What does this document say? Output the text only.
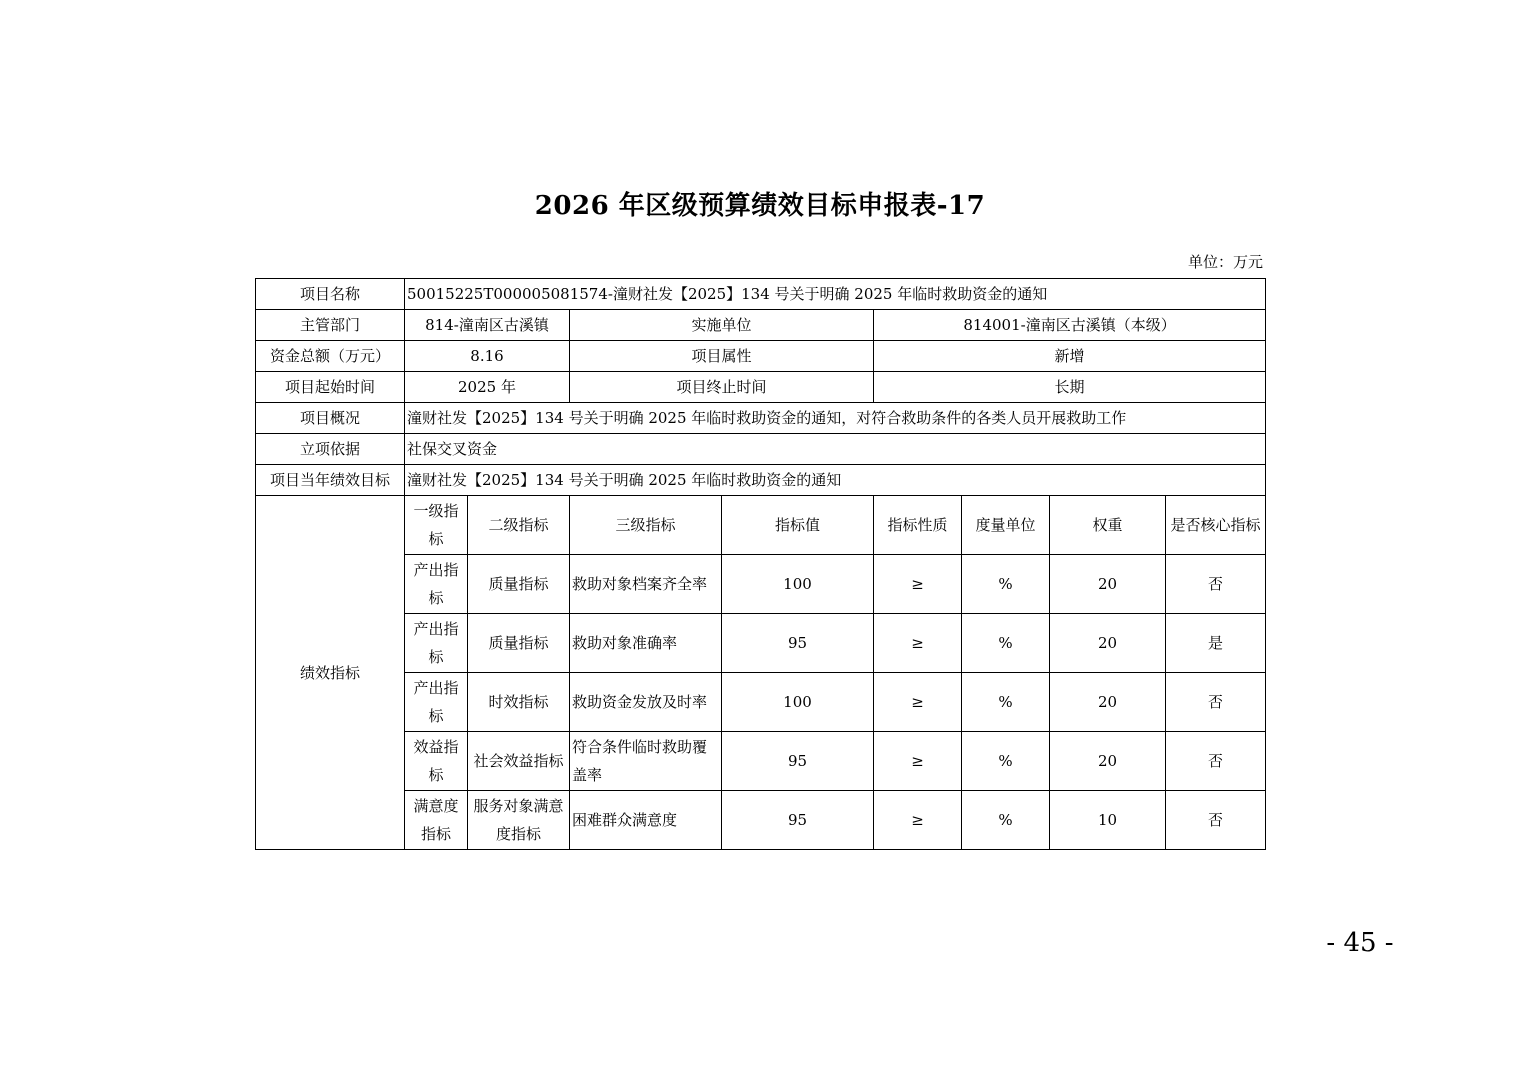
2026 年区级预算绩效目标申报表-17
单位：万元
项目名称	50015225T000005081574-潼财社发【2025】134 号关于明确 2025 年临时救助资金的通知							
主管部门	814-潼南区古溪镇		实施单位		814001-潼南区古溪镇（本级）			
资金总额（万元）	8.16		项目属性		新增			
项目起始时间	2025 年		项目终止时间		长期			
项目概况	潼财社发【2025】134 号关于明确 2025 年临时救助资金的通知，对符合救助条件的各类人员开展救助工作							
立项依据	社保交叉资金							
项目当年绩效目标	潼财社发【2025】134 号关于明确 2025 年临时救助资金的通知							
绩效指标	一级指标	二级指标	三级指标	指标值	指标性质	度量单位	权重	是否核心指标
	产出指标	质量指标	救助对象档案齐全率	100	≥	%	20	否
	产出指标	质量指标	救助对象准确率	95	≥	%	20	是
	产出指标	时效指标	救助资金发放及时率	100	≥	%	20	否
	效益指标	社会效益指标	符合条件临时救助覆盖率	95	≥	%	20	否
	满意度指标	服务对象满意度指标	困难群众满意度	95	≥	%	10	否
- 45 -
